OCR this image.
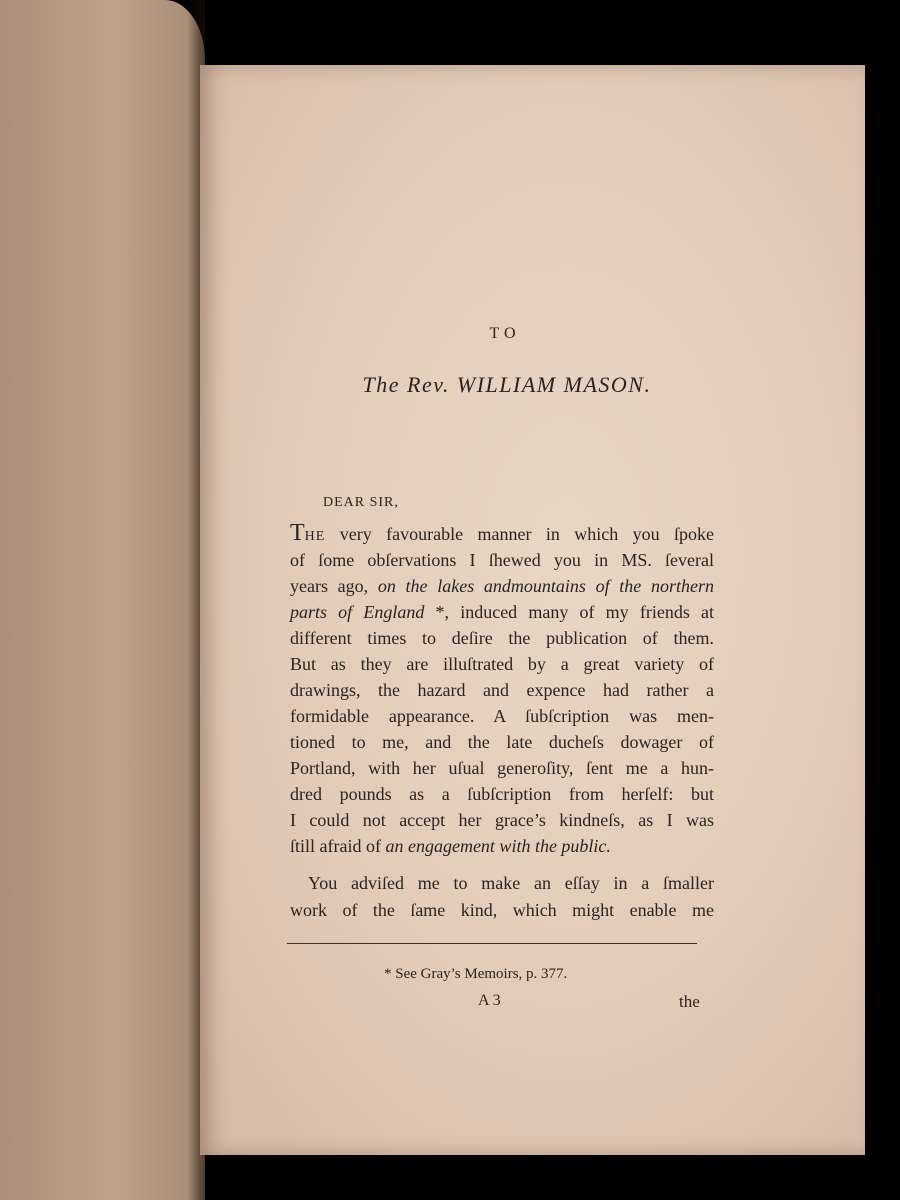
TO
The Rev. WILLIAM MASON.
DEAR SIR,
THE very favourable manner in which you ſpoke
of ſome obſervations I ſhewed you in MS. ſeveral
years ago, on the lakes andmountains of the northern
parts of England *, induced many of my friends at
different times to deſire the publication of them.
But as they are illuſtrated by a great variety of
drawings, the hazard and expence had rather a
formidable appearance. A ſubſcription was men-
tioned to me, and the late ducheſs dowager of
Portland, with her uſual generoſity, ſent me a hun-
dred pounds as a ſubſcription from herſelf: but
I could not accept her grace’s kindneſs, as I was
ſtill afraid of an engagement with the public.
You adviſed me to make an eſſay in a ſmaller
work of the ſame kind, which might enable me
* See Gray’s Memoirs, p. 377.
A 3	the
